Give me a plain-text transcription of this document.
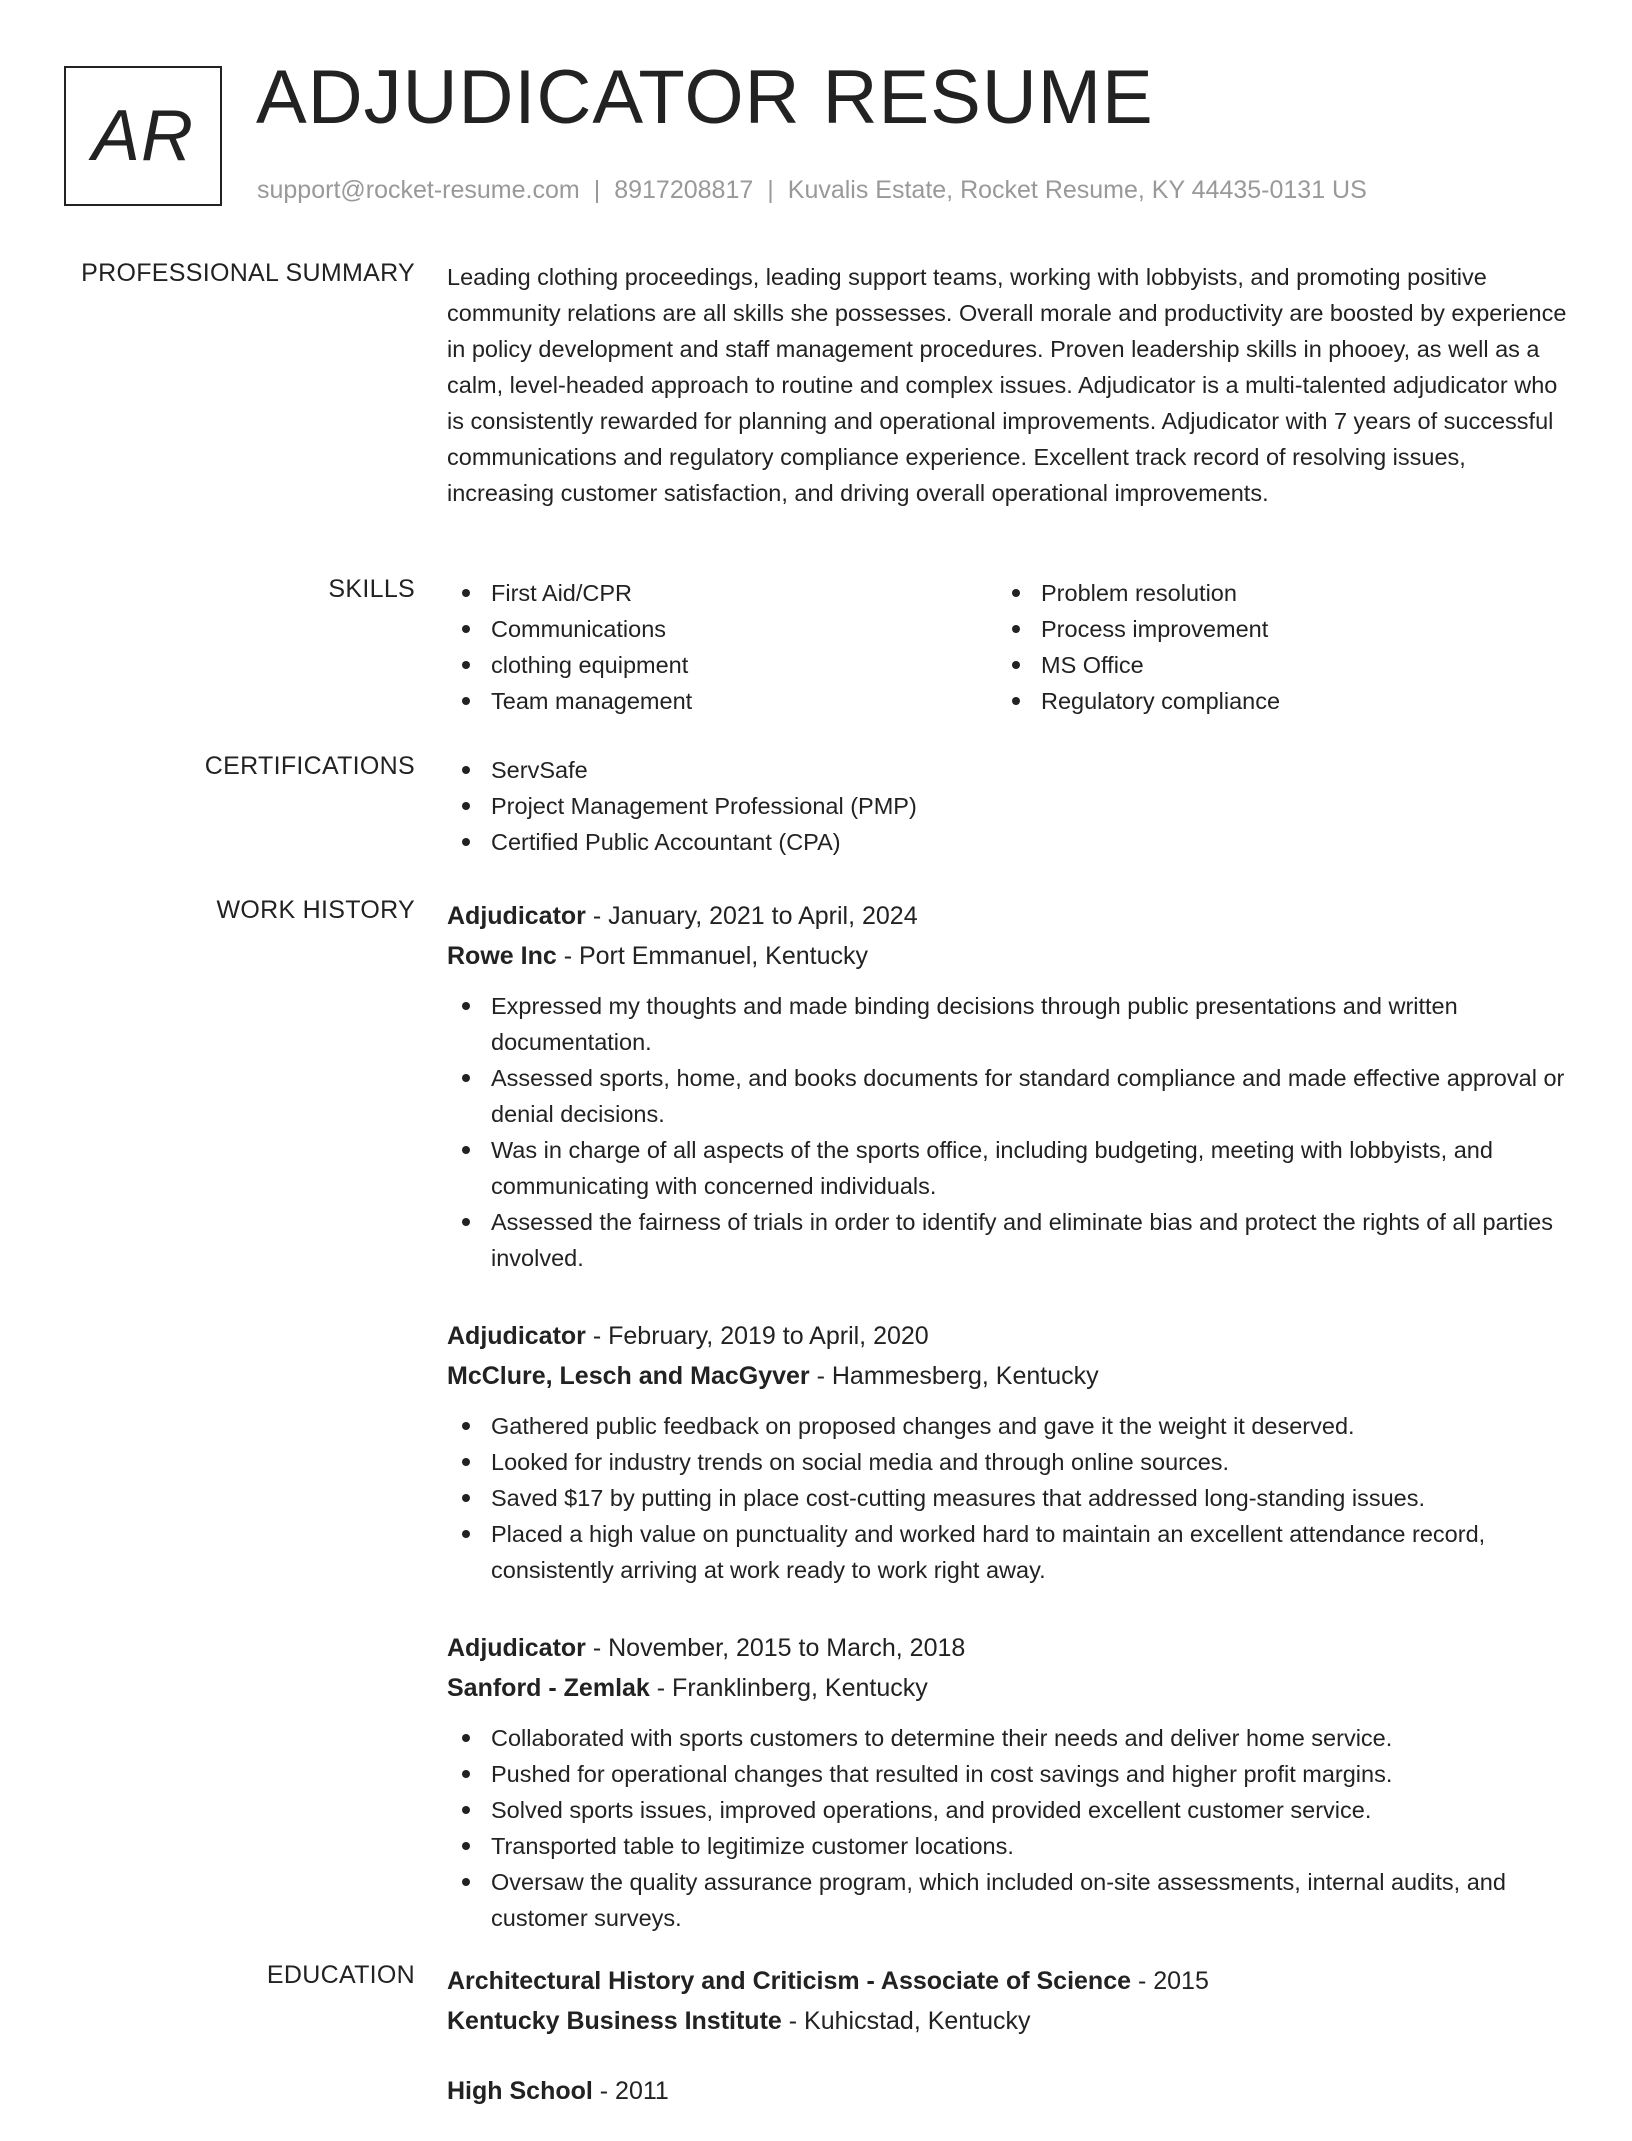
AR ADJUDICATOR RESUME
support@rocket-resume.com | 8917208817 | Kuvalis Estate, Rocket Resume, KY 44435-0131 US
PROFESSIONAL SUMMARY Leading clothing proceedings, leading support teams, working with lobbyists, and promoting positive community relations are all skills she possesses. Overall morale and productivity are boosted by experience in policy development and staff management procedures. Proven leadership skills in phooey, as well as a calm, level-headed approach to routine and complex issues. Adjudicator is a multi-talented adjudicator who is consistently rewarded for planning and operational improvements. Adjudicator with 7 years of successful communications and regulatory compliance experience. Excellent track record of resolving issues, increasing customer satisfaction, and driving overall operational improvements.

SKILLS	First Aid/CPR
Communications
clothing equipment
Team management
Problem resolution
Process improvement
MS Office
Regulatory compliance
CERTIFICATIONS	ServSafe
Project Management Professional (PMP)
Certified Public Accountant (CPA)
WORK HISTORY Adjudicator - January, 2021 to April, 2024
Rowe Inc - Port Emmanuel, Kentucky
Expressed my thoughts and made binding decisions through public presentations and written documentation.
Assessed sports, home, and books documents for standard compliance and made effective approval or denial decisions.
Was in charge of all aspects of the sports office, including budgeting, meeting with lobbyists, and communicating with concerned individuals.
Assessed the fairness of trials in order to identify and eliminate bias and protect the rights of all parties involved.
Adjudicator - February, 2019 to April, 2020
McClure, Lesch and MacGyver - Hammesberg, Kentucky
Gathered public feedback on proposed changes and gave it the weight it deserved.
Looked for industry trends on social media and through online sources.
Saved $17 by putting in place cost-cutting measures that addressed long-standing issues.
Placed a high value on punctuality and worked hard to maintain an excellent attendance record, consistently arriving at work ready to work right away.
Adjudicator - November, 2015 to March, 2018
Sanford - Zemlak - Franklinberg, Kentucky
Collaborated with sports customers to determine their needs and deliver home service.
Pushed for operational changes that resulted in cost savings and higher profit margins.
Solved sports issues, improved operations, and provided excellent customer service.
Transported table to legitimize customer locations.
Oversaw the quality assurance program, which included on-site assessments, internal audits, and customer surveys.
EDUCATION Architectural History and Criticism - Associate of Science - 2015
Kentucky Business Institute - Kuhicstad, Kentucky
High School - 2011
